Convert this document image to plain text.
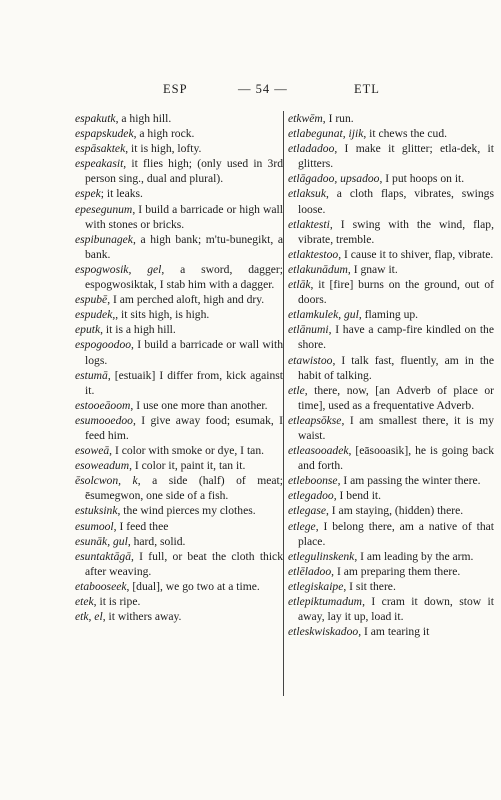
ESP	— 54 —	ETL

espakutk, a high hill.

espapskudek, a high rock.

espāsaktek, it is high, lofty.

espeakasit, it flies high; (only used in 3rd person sing., dual and plural).

espek; it leaks.

epesegunum, I build a barricade or high wall with stones or bricks.

espibunagek, a high bank; m'tu-bunegikt, a bank.

espogwosik, gel, a sword, dagger; espogwosiktak, I stab him with a dagger.

espubē, I am perched aloft, high and dry.

espudek,, it sits high, is high.

eputk, it is a high hill.

espogoodoo, I build a barricade or wall with logs.

estumā, [estuaik] I differ from, kick against it.

estooeāoom, I use one more than another.

esumooedoo, I give away food; esumak, I feed him.

esoweā, I color with smoke or dye, I tan.

esoweadum, I color it, paint it, tan it.

ēsolcwon, k, a side (half) of meat; ēsumegwon, one side of a fish.

estuksink, the wind pierces my clothes.

esumool, I feed thee

esunāk, gul, hard, solid.

esuntaktāgā, I full, or beat the cloth thick after weaving.

etabooseek, [dual], we go two at a time.

etek, it is ripe.

etk, el, it withers away.

etkwēm, I run.

etlabegunat, ijik, it chews the cud.

etladadoo, I make it glitter; etla-dek, it glitters.

etlāgadoo, upsadoo, I put hoops on it.

etlaksuk, a cloth flaps, vibrates, swings loose.

etlaktesti, I swing with the wind, flap, vibrate, tremble.

etlaktestoo, I cause it to shiver, flap, vibrate.

etlakunādum, I gnaw it.

etlāk, it [fire] burns on the ground, out of doors.

etlamkulek, gul, flaming up.

etlānumi, I have a camp-fire kindled on the shore.

etawistoo, I talk fast, fluently, am in the habit of talking.

etle, there, now, [an Adverb of place or time], used as a frequentative Adverb.

etleapsōkse, I am smallest there, it is my waist.

etleasooadek, [eāsooasik], he is going back and forth.

etleboonse, I am passing the winter there.

etlegadoo, I bend it.

etlegase, I am staying, (hidden) there.

etlege, I belong there, am a native of that place.

etlegulinskenk, I am leading by the arm.

etlēladoo, I am preparing them there.

etlegiskaipe, I sit there.

etlepiktumadum, I cram it down, stow it away, lay it up, load it.

etleskwiskadoo, I am tearing it
